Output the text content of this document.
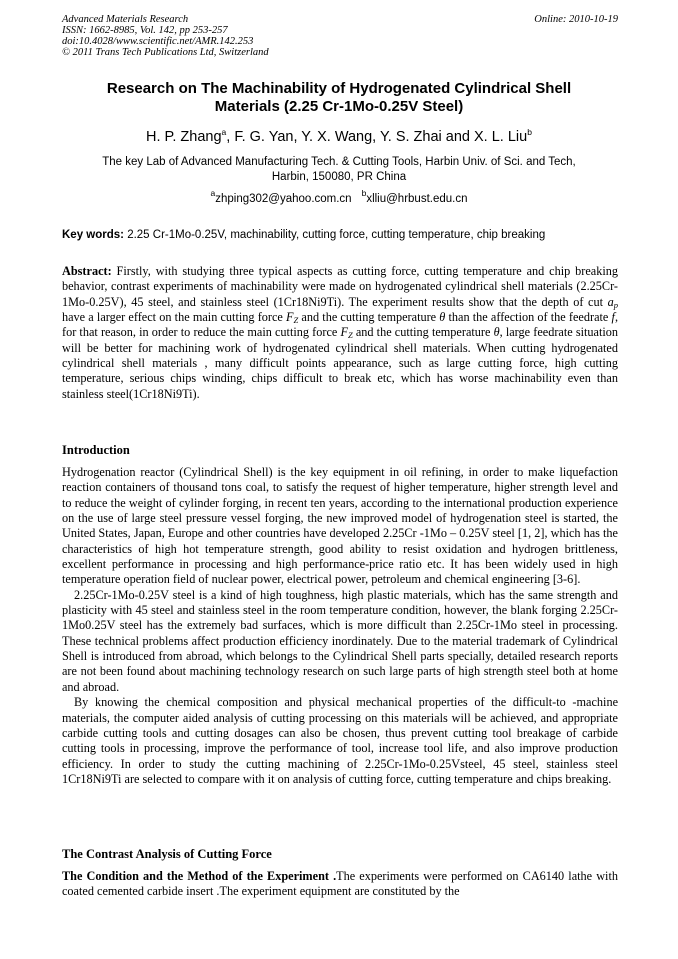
Advanced Materials Research
ISSN: 1662-8985, Vol. 142, pp 253-257
doi:10.4028/www.scientific.net/AMR.142.253
© 2011 Trans Tech Publications Ltd, Switzerland
Online: 2010-10-19
Research on The Machinability of Hydrogenated Cylindrical Shell
Materials (2.25 Cr-1Mo-0.25V Steel)
H. P. Zhang$^a$, F. G. Yan, Y. X. Wang, Y. S. Zhai and X. L. Liu$^b$
The key Lab of Advanced Manufacturing Tech. & Cutting Tools, Harbin Univ. of Sci. and Tech,
Harbin, 150080, PR China
$^a$zhping302@yahoo.com.cn $^b$xlliu@hrbust.edu.cn
Key words: 2.25 Cr-1Mo-0.25V, machinability, cutting force, cutting temperature, chip breaking
Abstract: Firstly, with studying three typical aspects as cutting force, cutting temperature and chip breaking behavior, contrast experiments of machinability were made on hydrogenated cylindrical shell materials (2.25Cr-1Mo-0.25V), 45 steel, and stainless steel (1Cr18Ni9Ti). The experiment results show that the depth of cut $a_p$ have a larger effect on the main cutting force $F_Z$ and the cutting temperature θ than the affection of the feedrate f, for that reason, in order to reduce the main cutting force $F_Z$ and the cutting temperature θ, large feedrate situation will be better for machining work of hydrogenated cylindrical shell materials. When cutting hydrogenated cylindrical shell materials , many difficult points appearance, such as large cutting force, high cutting temperature, serious chips winding, chips difficult to break etc, which has worse machinability even than stainless steel(1Cr18Ni9Ti).
Introduction

Hydrogenation reactor (Cylindrical Shell) is the key equipment in oil refining, in order to make liquefaction reaction containers of thousand tons coal, to satisfy the request of higher temperature, higher strength level and to reduce the weight of cylinder forging, in recent ten years, according to the international production experience on the use of large steel pressure vessel forging, the new improved model of hydrogenation steel is started, the United States, Japan, Europe and other countries have developed 2.25Cr -1Mo – 0.25V steel [1, 2], which has the characteristics of high hot temperature strength, good ability to resist oxidation and hydrogen brittleness, excellent performance in processing and high performance-price ratio etc. It has been widely used in high temperature operation field of nuclear power, electrical power, petroleum and chemical engineering [3-6].

2.25Cr-1Mo-0.25V steel is a kind of high toughness, high plastic materials, which has the same strength and plasticity with 45 steel and stainless steel in the room temperature condition, however, the blank forging 2.25Cr-1Mo0.25V steel has the extremely bad surfaces, which is more difficult than 2.25Cr-1Mo steel in processing. These technical problems affect production efficiency inordinately. Due to the material trademark of Cylindrical Shell is introduced from abroad, which belongs to the Cylindrical Shell parts specially, detailed research reports are not been found about machining technology research on such large parts of high strength steel both at home and abroad.

By knowing the chemical composition and physical mechanical properties of the difficult-to -machine materials, the computer aided analysis of cutting processing on this materials will be achieved, and appropriate carbide cutting tools and cutting dosages can also be chosen, thus prevent cutting tool breakage of carbide cutting tools in processing, improve the performance of tool, increase tool life, and also improve production efficiency. In order to study the cutting machining of 2.25Cr-1Mo-0.25Vsteel, 45 steel, stainless steel 1Cr18Ni9Ti are selected to compare with it on analysis of cutting force, cutting temperature and chips breaking.

The Contrast Analysis of Cutting Force
The Condition and the Method of the Experiment .The experiments were performed on CA6140 lathe with coated cemented carbide insert .The experiment equipment are constituted by the
